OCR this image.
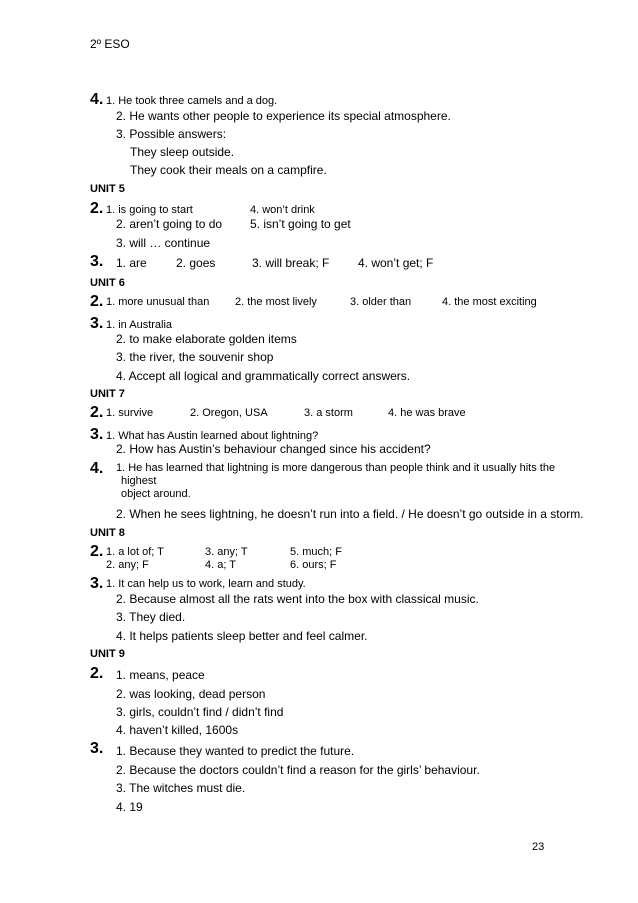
2º ESO
4. 1. He took three camels and a dog.
2. He wants other people to experience its special atmosphere.
3. Possible answers:
They sleep outside.
They cook their meals on a campfire.
UNIT 5
2. 1. is going to start	4. won’t drink
2. aren’t going to do 5. isn’t going to get
3. will … continue
3. 1. are 2. goes	3. will break; F 4. won’t get; F
UNIT 6
2. 1. more unusual than 2. the most lively	3. older than	4. the most exciting
3. 1. in Australia
2. to make elaborate golden items
3. the river, the souvenir shop
4. Accept all logical and grammatically correct answers.
UNIT 7
2. 1. survive	2. Oregon, USA	3. a storm	4. he was brave
3. 1. What has Austin learned about lightning?
2. How has Austin’s behaviour changed since his accident?
4. 1. He has learned that lightning is more dangerous than people think and it usually hits the
highest
object around.
2. When he sees lightning, he doesn’t run into a field. / He doesn’t go outside in a storm.
UNIT 8
2. 1. a lot of; T	3. any; T	5. much; F
2. any; F	4. a; T	6. ours; F
3. 1. It can help us to work, learn and study.
2. Because almost all the rats went into the box with classical music.
3. They died.
4. It helps patients sleep better and feel calmer.
UNIT 9
2. 1. means, peace
2. was looking, dead person
3. girls, couldn’t find / didn’t find
4. haven’t killed, 1600s
3. 1. Because they wanted to predict the future.
2. Because the doctors couldn’t find a reason for the girls’ behaviour.
3. The witches must die.
4. 19
23
